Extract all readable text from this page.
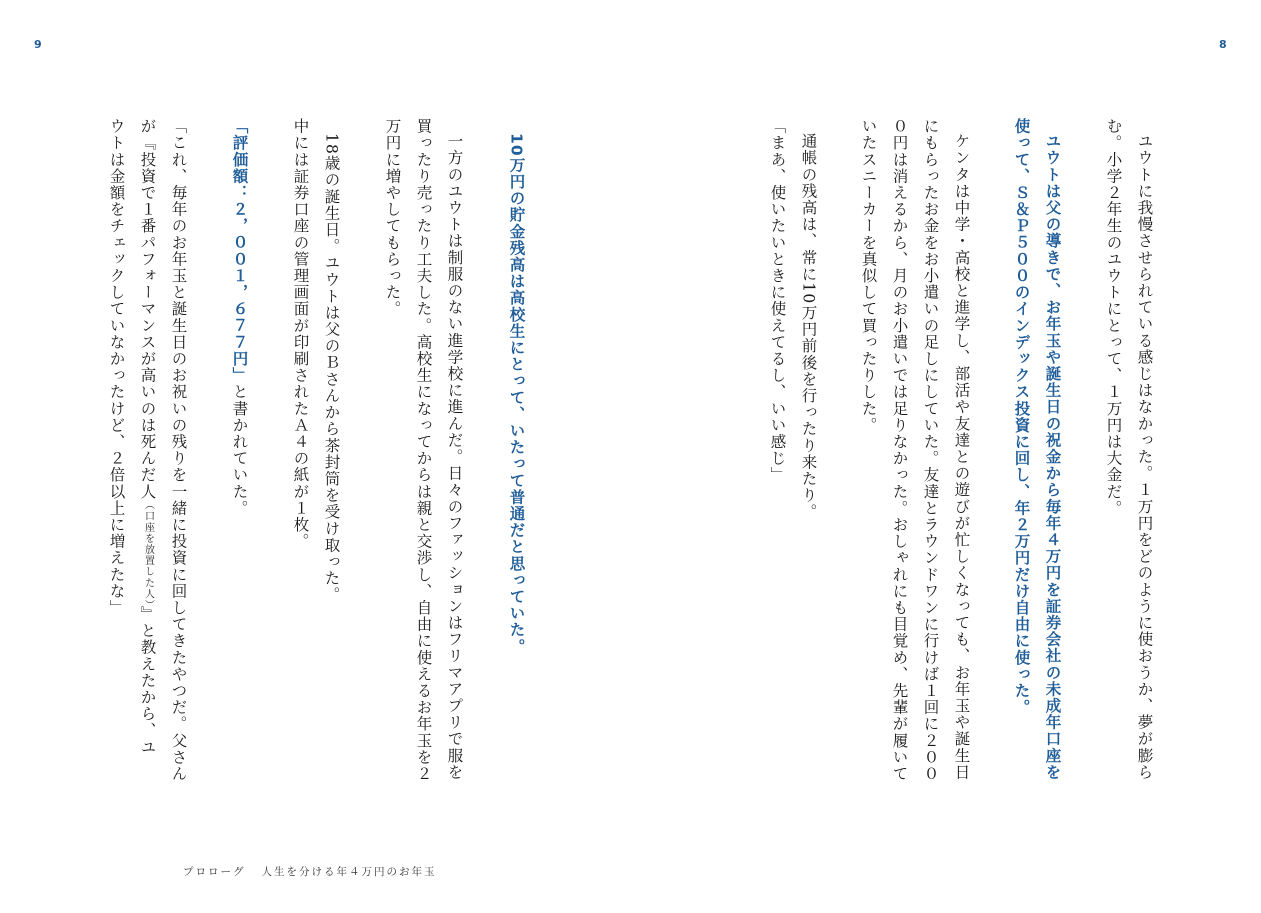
9	8
ユウトに我慢させられている感じはなかった。１万円をどのように使おうか、夢が膨ら
む。小学２年生のユウトにとって、１万円は大金だ。
ユウトは父の導きで、お年玉や誕生日の祝金から毎年４万円を証券会社の未成年口座を
使って、Ｓ＆Ｐ５００のインデックス投資に回し、年２万円だけ自由に使った。
ケンタは中学・高校と進学し、部活や友達との遊びが忙しくなっても、お年玉や誕生日
にもらったお金をお小遣いの足しにしていた。友達とラウンドワンに行けば１回に２００
０円は消えるから、月のお小遣いでは足りなかった。おしゃれにも目覚め、先輩が履いて
いたスニーカーを真似して買ったりした。
通帳の残高は、常に10万円前後を行ったり来たり。
「まあ、使いたいときに使えてるし、いい感じ」
10万円の貯金残高は高校生にとって、いたって普通だと思っていた。
一方のユウトは制服のない進学校に進んだ。日々のファッションはフリマアプリで服を
買ったり売ったり工夫した。高校生になってからは親と交渉し、自由に使えるお年玉を２
万円に増やしてもらった。
18歳の誕生日。ユウトは父のＢさんから茶封筒を受け取った。
中には証券口座の管理画面が印刷されたＡ４の紙が１枚。
「評価額：２，００１，６７７円」と書かれていた。
「これ、毎年のお年玉と誕生日のお祝いの残りを一緒に投資に回してきたやつだ。父さん
が『投資で１番パフォーマンスが高いのは死んだ人（口座を放置した人）』と教えたから、ユ
ウトは金額をチェックしていなかったけど、２倍以上に増えたな」
プロローグ 人生を分ける年４万円のお年玉
